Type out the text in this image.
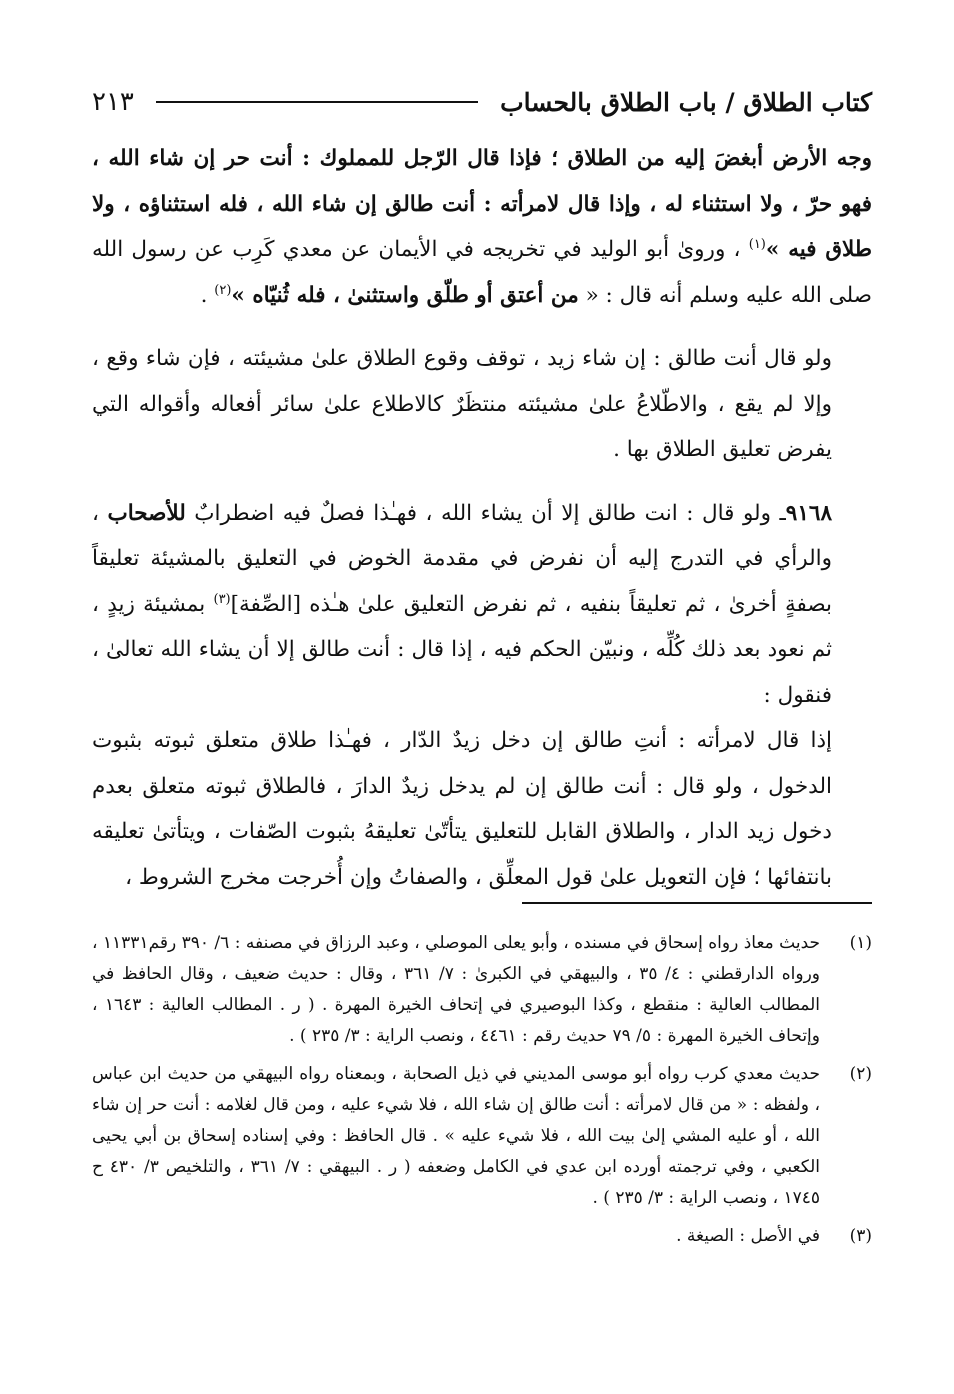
كتاب الطلاق / باب الطلاق بالحساب
٢١٣

وجه الأرض أبغضَ إليه من الطلاق ؛ فإذا قال الرّجل للمملوك : أنت حر إن شاء الله ، فهو حرّ ، ولا استثناء له ، وإذا قال لامرأته : أنت طالق إن شاء الله ، فله استثناؤه ، ولا طلاق فيه »$^{(١)}$ ، وروىٰ أبو الوليد في تخريجه في الأيمان عن معدي كَرِب عن رسول الله صلى الله عليه وسلم أنه قال : « من أعتق أو طلّق واستثنىٰ ، فله ثُنيّاه »$^{(٢)}$ .

ولو قال أنت طالق : إن شاء زيد ، توقف وقوع الطلاق علىٰ مشيئته ، فإن شاء وقع ، وإلا لم يقع ، والاطّلاعُ علىٰ مشيئته منتظَرٌ كالاطلاع علىٰ سائر أفعاله وأقواله التي يفرض تعليق الطلاق بها .

٩١٦٨ـ ولو قال : انت طالق إلا أن يشاء الله ، فهـٰذا فصلٌ فيه اضطرابٌ للأصحاب ، والرأي في التدرج إليه أن نفرض في مقدمة الخوض في التعليق بالمشيئة تعليقاً بصفةٍ أخرىٰ ، ثم تعليقاً بنفيه ، ثم نفرض التعليق علىٰ هـٰذه [الصِّفة]$^{(٣)}$ بمشيئة زيدٍ ، ثم نعود بعد ذلك كُلِّه ، ونبيّن الحكم فيه ، إذا قال : أنت طالق إلا أن يشاء الله تعالىٰ ، فنقول :

إذا قال لامرأته : أنتِ طالق إن دخل زيدٌ الدّار ، فهـٰذا طلاق متعلق ثبوته بثبوت الدخول ، ولو قال : أنت طالق إن لم يدخل زيدٌ الدارَ ، فالطلاق ثبوته متعلق بعدم دخول زيد الدار ، والطلاق القابل للتعليق يتأتّىٰ تعليقهُ بثبوت الصّفات ، ويتأتىٰ تعليقه بانتفائها ؛ فإن التعويل علىٰ قول المعلِّق ، والصفاتُ وإن أُخرجت مخرج الشروط ،

(١)
حديث معاذ رواه إسحاق في مسنده ، وأبو يعلى الموصلي ، وعبد الرزاق في مصنفه : ٦/ ٣٩٠ رقم١١٣٣١ ، ورواه الدارقطني : ٤/ ٣٥ ، والبيهقي في الكبرىٰ : ٧/ ٣٦١ ، وقال : حديث ضعيف ، وقال الحافظ في المطالب العالية : منقطع ، وكذا البوصيري في إتحاف الخيرة المهرة . ( ر . المطالب العالية : ١٦٤٣ ، وإتحاف الخيرة المهرة : ٥/ ٧٩ حديث رقم : ٤٤٦١ ، ونصب الراية : ٣/ ٢٣٥ ) .
(٢)
حديث معدي كرب رواه أبو موسى المديني في ذيل الصحابة ، وبمعناه رواه البيهقي من حديث ابن عباس ، ولفظه : « من قال لامرأته : أنت طالق إن شاء الله ، فلا شيء عليه ، ومن قال لغلامه : أنت حر إن شاء الله ، أو عليه المشي إلىٰ بيت الله ، فلا شيء عليه » . قال الحافظ : وفي إسناده إسحاق بن أبي يحيى الكعبي ، وفي ترجمته أورده ابن عدي في الكامل وضعفه ( ر . البيهقي : ٧/ ٣٦١ ، والتلخيص ٣/ ٤٣٠ ح ١٧٤٥ ، ونصب الراية : ٣/ ٢٣٥ ) .
(٣)
في الأصل : الصيغة .
